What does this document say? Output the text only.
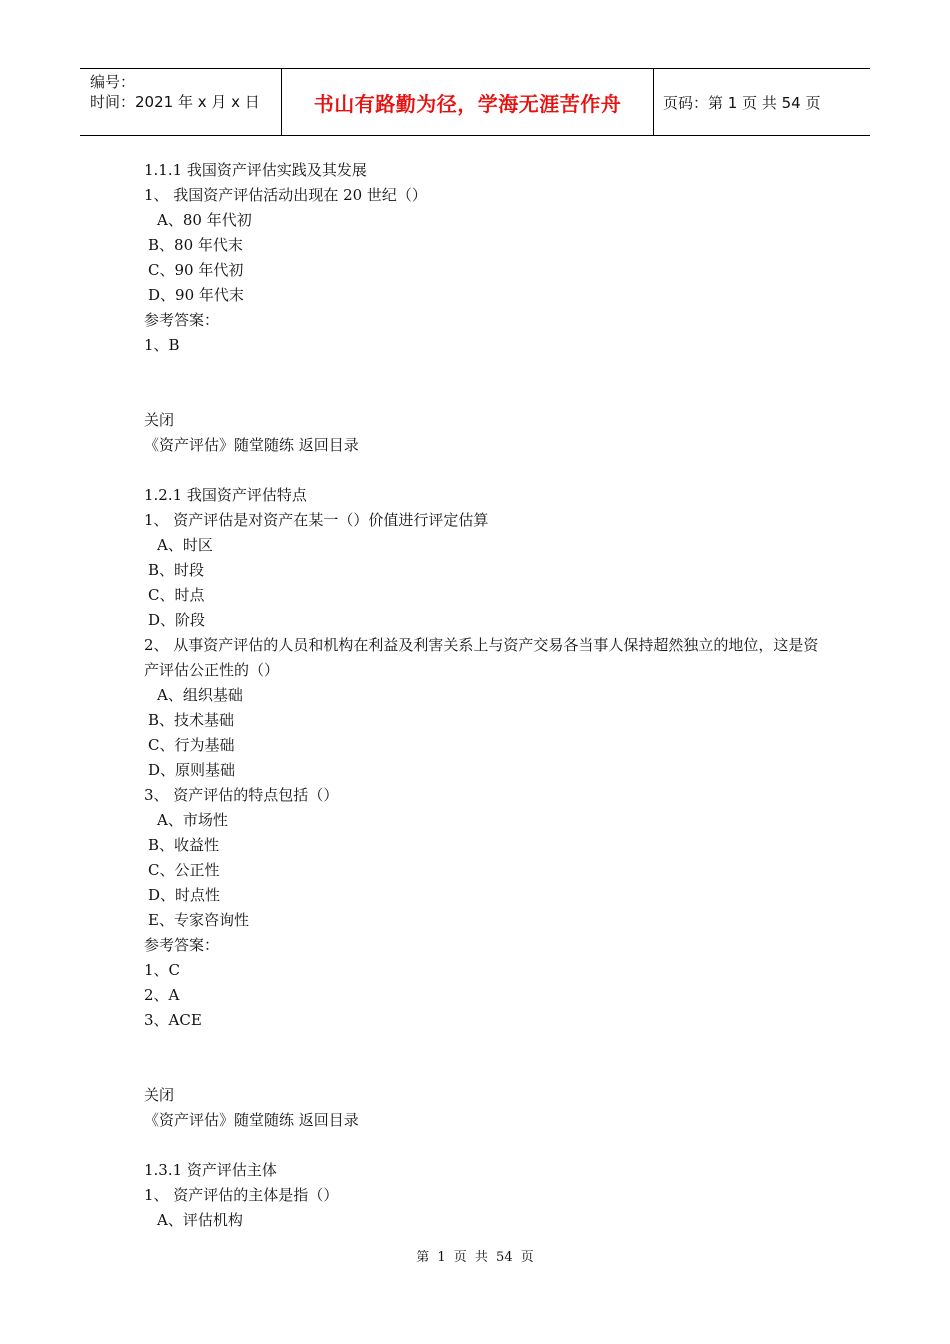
编号：
时间：2021 年 x 月 x 日	书山有路勤为径，学海无涯苦作舟	页码：第 1 页 共 54 页
1.1.1 我国资产评估实践及其发展
1、 我国资产评估活动出现在 20 世纪（）
A、80 年代初
B、80 年代末
C、90 年代初
D、90 年代末
参考答案：
1、B
关闭
《资产评估》随堂随练 返回目录
1.2.1 我国资产评估特点
1、 资产评估是对资产在某一（）价值进行评定估算
A、时区
B、时段
C、时点
D、阶段
2、 从事资产评估的人员和机构在利益及利害关系上与资产交易各当事人保持超然独立的地位，这是资产评估公正性的（）
A、组织基础
B、技术基础
C、行为基础
D、原则基础
3、 资产评估的特点包括（）
A、市场性
B、收益性
C、公正性
D、时点性
E、专家咨询性
参考答案：
1、C
2、A
3、ACE
关闭
《资产评估》随堂随练 返回目录
1.3.1 资产评估主体
1、 资产评估的主体是指（）
A、评估机构
第 1 页 共 54 页
